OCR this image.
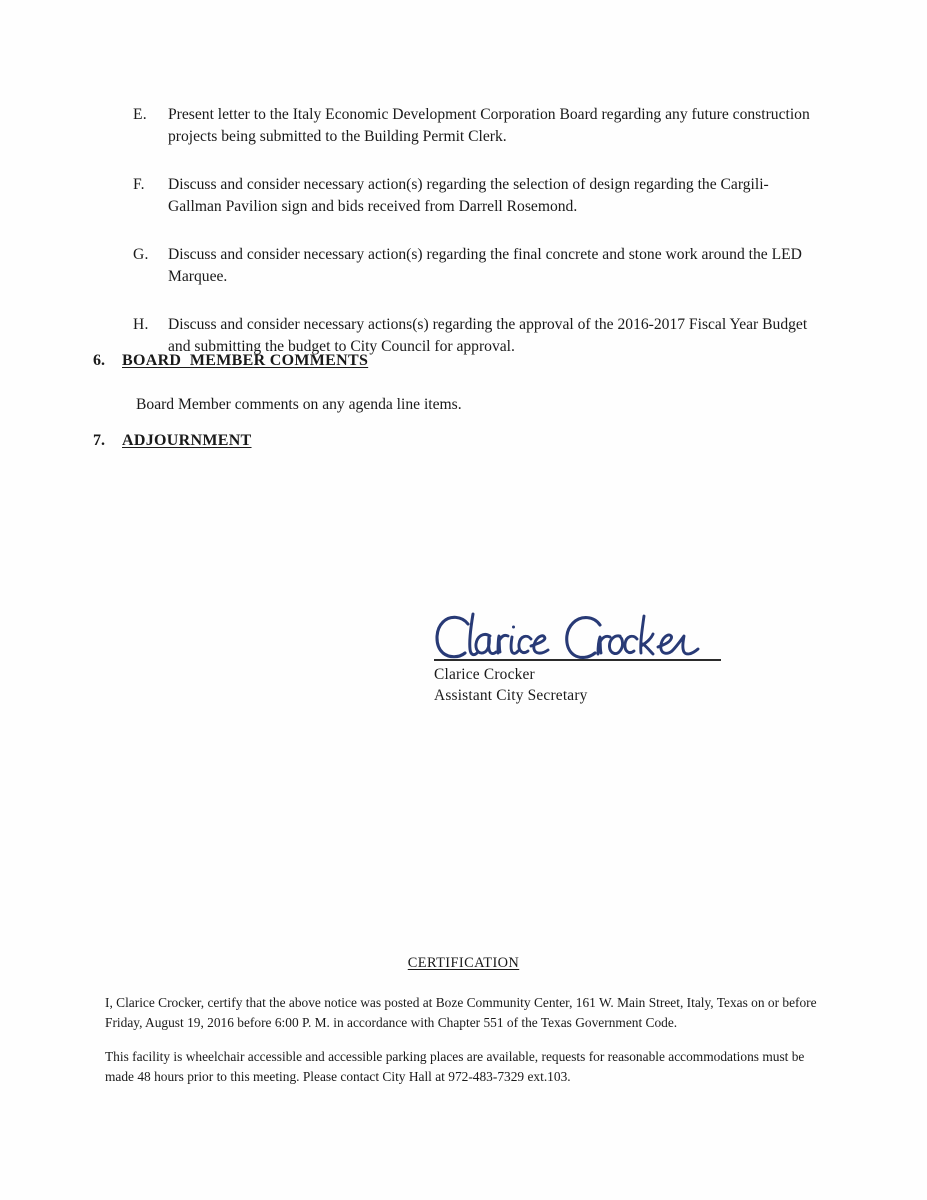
E. Present letter to the Italy Economic Development Corporation Board regarding any future construction projects being submitted to the Building Permit Clerk.
F. Discuss and consider necessary action(s) regarding the selection of design regarding the Cargili-Gallman Pavilion sign and bids received from Darrell Rosemond.
G. Discuss and consider necessary action(s) regarding the final concrete and stone work around the LED Marquee.
H. Discuss and consider necessary actions(s) regarding the approval of the 2016-2017 Fiscal Year Budget and submitting the budget to City Council for approval.
6. BOARD  MEMBER COMMENTS
Board Member comments on any agenda line items.
7. ADJOURNMENT
Clarice Crocker
Assistant City Secretary
CERTIFICATION
I, Clarice Crocker, certify that the above notice was posted at Boze Community Center, 161 W. Main Street, Italy, Texas on or before Friday, August 19, 2016 before 6:00 P. M. in accordance with Chapter 551 of the Texas Government Code.
This facility is wheelchair accessible and accessible parking places are available, requests for reasonable accommodations must be made 48 hours prior to this meeting. Please contact City Hall at 972-483-7329 ext.103.
